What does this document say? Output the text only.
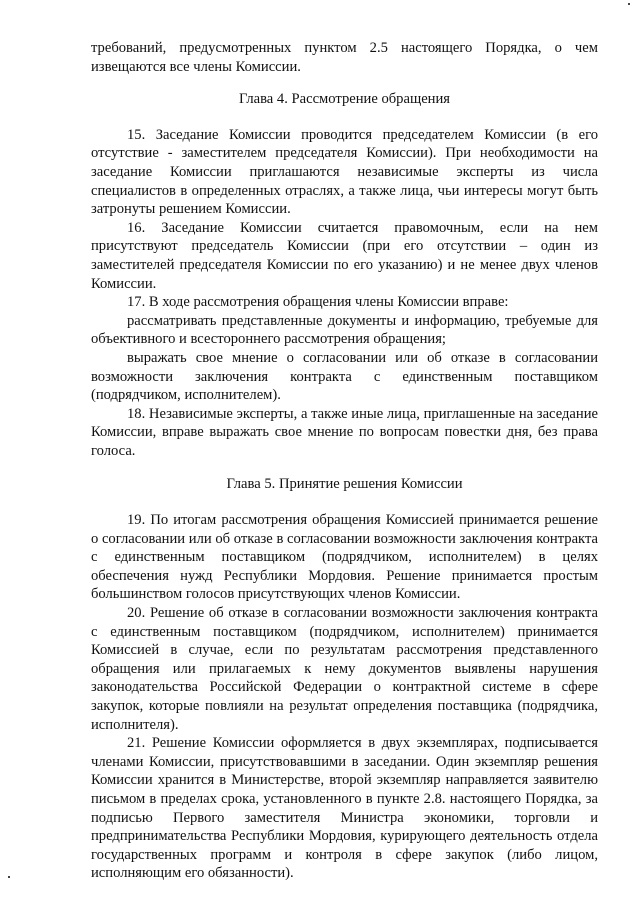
требований, предусмотренных пунктом 2.5 настоящего Порядка, о чем извещаются все члены Комиссии.

Глава 4. Рассмотрение обращения

15. Заседание Комиссии проводится председателем Комиссии (в его отсутствие - заместителем председателя Комиссии). При необходимости на заседание Комиссии приглашаются независимые эксперты из числа специалистов в определенных отраслях, а также лица, чьи интересы могут быть затронуты решением Комиссии.

16. Заседание Комиссии считается правомочным, если на нем присутствуют председатель Комиссии (при его отсутствии – один из заместителей председателя Комиссии по его указанию) и не менее двух членов Комиссии.

17. В ходе рассмотрения обращения члены Комиссии вправе:

рассматривать представленные документы и информацию, требуемые для объективного и всестороннего рассмотрения обращения;

выражать свое мнение о согласовании или об отказе в согласовании возможности заключения контракта с единственным поставщиком (подрядчиком, исполнителем).

18. Независимые эксперты, а также иные лица, приглашенные на заседание Комиссии, вправе выражать свое мнение по вопросам повестки дня, без права голоса.

Глава 5. Принятие решения Комиссии

19. По итогам рассмотрения обращения Комиссией принимается решение о согласовании или об отказе в согласовании возможности заключения контракта с единственным поставщиком (подрядчиком, исполнителем) в целях обеспечения нужд Республики Мордовия. Решение принимается простым большинством голосов присутствующих членов Комиссии.

20. Решение об отказе в согласовании возможности заключения контракта с единственным поставщиком (подрядчиком, исполнителем) принимается Комиссией в случае, если по результатам рассмотрения представленного обращения или прилагаемых к нему документов выявлены нарушения законодательства Российской Федерации о контрактной системе в сфере закупок, которые повлияли на результат определения поставщика (подрядчика, исполнителя).

21. Решение Комиссии оформляется в двух экземплярах, подписывается членами Комиссии, присутствовавшими в заседании. Один экземпляр решения Комиссии хранится в Министерстве, второй экземпляр направляется заявителю письмом в пределах срока, установленного в пункте 2.8. настоящего Порядка, за подписью Первого заместителя Министра экономики, торговли и предпринимательства Республики Мордовия, курирующего деятельность отдела государственных программ и контроля в сфере закупок (либо лицом, исполняющим его обязанности).
